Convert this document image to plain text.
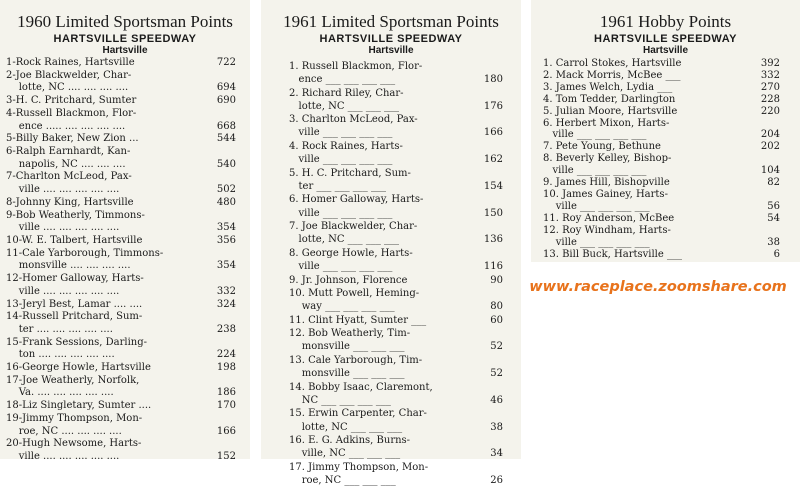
1960 Limited Sportsman Points
HARTSVILLE SPEEDWAY
Hartsville
1-Rock Raines, Hartsville	722
2-Joe Blackwelder, Char-
lotte, NC .... .... .... ....	694
3-H. C. Pritchard, Sumter	690
4-Russell Blackmon, Flor-
ence ..... .... .... .... ....	668
5-Billy Baker, New Zion ...	544
6-Ralph Earnhardt, Kan-
napolis, NC .... .... ....	540
7-Charlton McLeod, Pax-
ville .... .... .... .... ....	502
8-Johnny King, Hartsville	480
9-Bob Weatherly, Timmons-
ville .... .... .... .... ....	354
10-W. E. Talbert, Hartsville	356
11-Cale Yarborough, Timmons-
monsville .... .... .... ....	354
12-Homer Galloway, Harts-
ville .... .... .... .... ....	332
13-Jeryl Best, Lamar .... ....	324
14-Russell Pritchard, Sum-
ter .... .... .... .... ....	238
15-Frank Sessions, Darling-
ton .... .... .... .... ....	224
16-George Howle, Hartsville	198
17-Joe Weatherly, Norfolk,
Va. .... .... .... .... ....	186
18-Liz Singletary, Sumter ....	170
19-Jimmy Thompson, Mon-
roe, NC .... .... .... ....	166
20-Hugh Newsome, Harts-
ville .... .... .... .... ....	152
1961 Limited Sportsman Points
HARTSVILLE SPEEDWAY
Hartsville
1. Russell Blackmon, Flor-
ence ___ ___ ___ ___	180
2. Richard Riley, Char-
lotte, NC ___ ___ ___	176
3. Charlton McLeod, Pax-
ville ___ ___ ___ ___	166
4. Rock Raines, Harts-
ville ___ ___ ___ ___	162
5. H. C. Pritchard, Sum-
ter ___ ___ ___ ___	154
6. Homer Galloway, Harts-
ville ___ ___ ___ ___	150
7. Joe Blackwelder, Char-
lotte, NC ___ ___ ___	136
8. George Howle, Harts-
ville ___ ___ ___ ___	116
9. Jr. Johnson, Florence	90
10. Mutt Powell, Heming-
way ___ ___ ___ ___	80
11. Clint Hyatt, Sumter ___	60
12. Bob Weatherly, Tim-
monsville ___ ___ ___	52
13. Cale Yarborough, Tim-
monsville ___ ___ ___	52
14. Bobby Isaac, Claremont,
NC ___ ___ ___ ___	46
15. Erwin Carpenter, Char-
lotte, NC ___ ___ ___	38
16. E. G. Adkins, Burns-
ville, NC ___ ___ ___	34
17. Jimmy Thompson, Mon-
roe, NC ___ ___ ___	26
1961 Hobby Points
HARTSVILLE SPEEDWAY
Hartsville
1. Carrol Stokes, Hartsville	392
2. Mack Morris, McBee ___	332
3. James Welch, Lydia ___	270
4. Tom Tedder, Darlington	228
5. Julian Moore, Hartsville	220
6. Herbert Mixon, Harts-
ville ___ ___ ___ ___	204
7. Pete Young, Bethune	202
8. Beverly Kelley, Bishop-
ville ___ ___ ___ ___	104
9. James Hill, Bishopville	82
10. James Gainey, Harts-
ville ___ ___ ___ ___	56
11. Roy Anderson, McBee	54
12. Roy Windham, Harts-
ville ___ ___ ___ ___	38
13. Bill Buck, Hartsville ___	6
www.raceplace.zoomshare.com
